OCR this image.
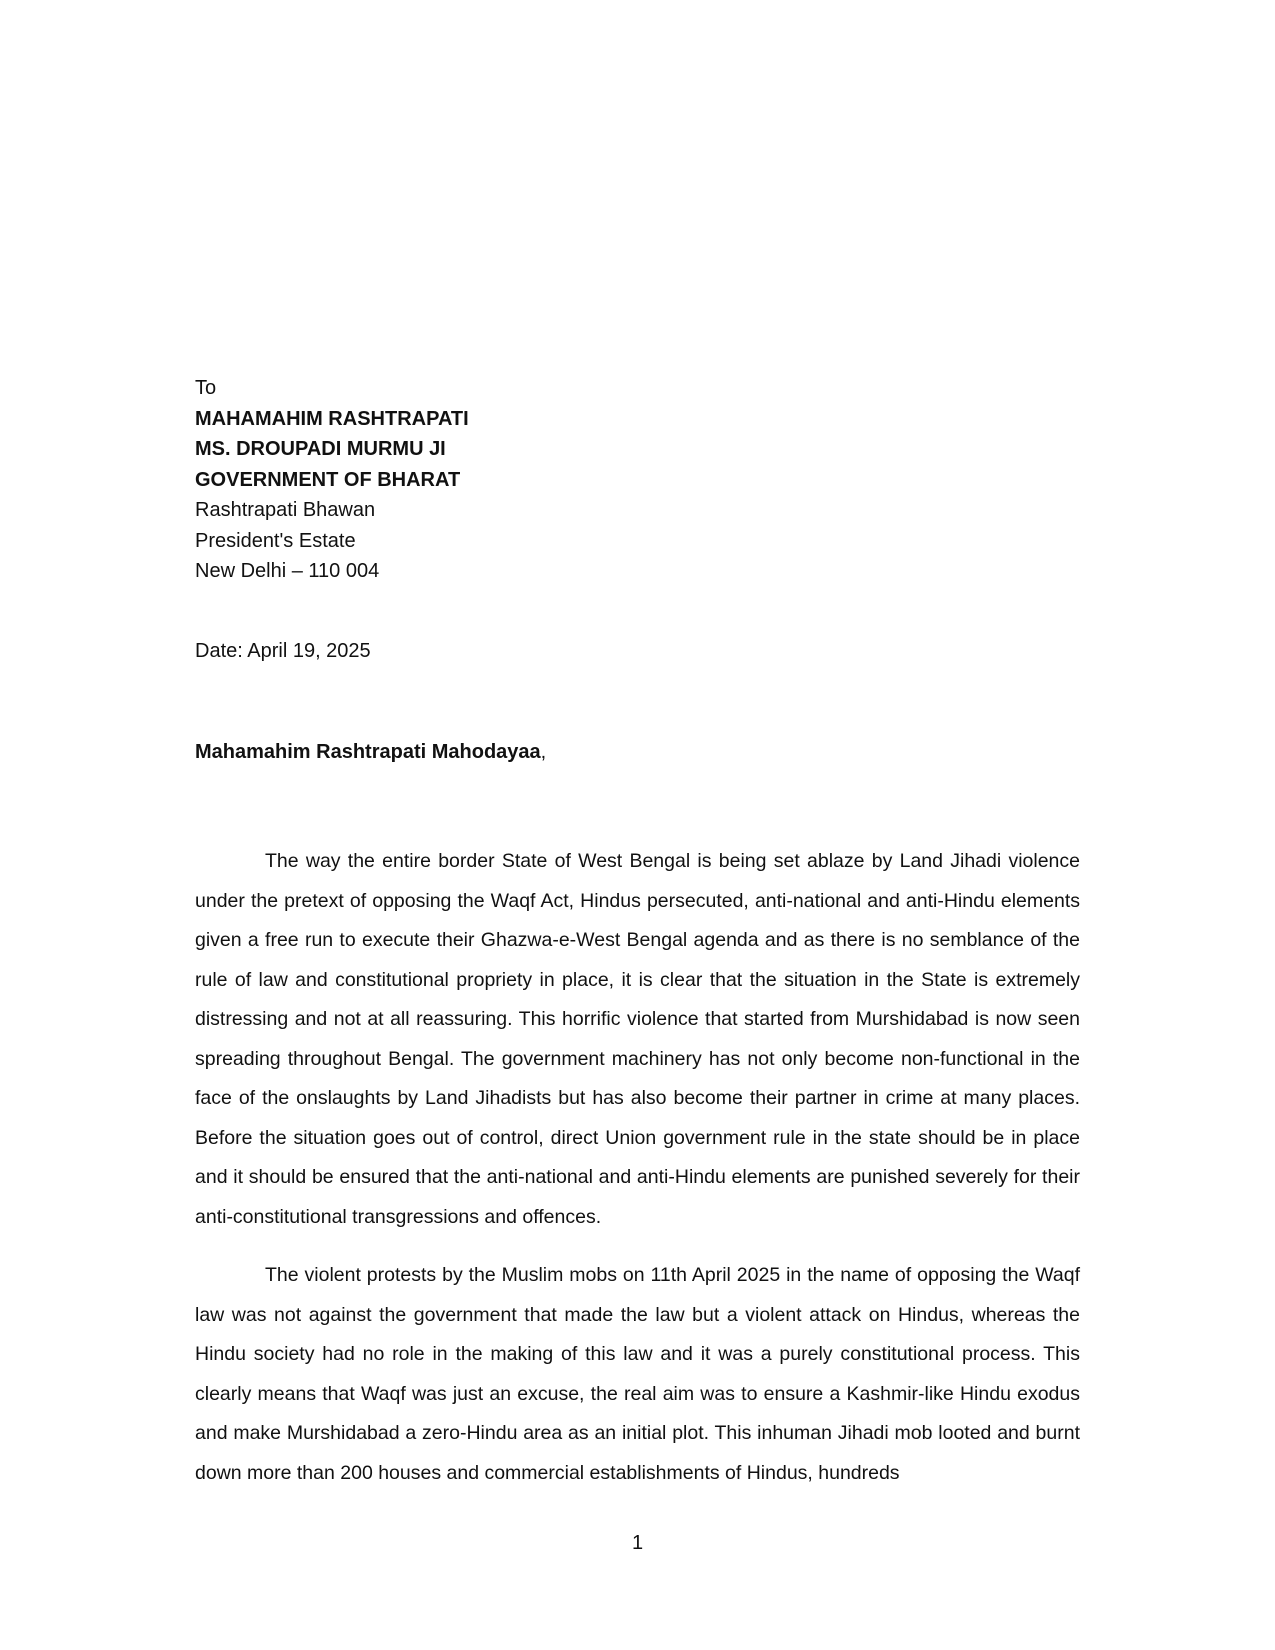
To
MAHAMAHIM RASHTRAPATI
MS. DROUPADI MURMU JI
GOVERNMENT OF BHARAT
Rashtrapati Bhawan
President's Estate
New Delhi – 110 004
Date: April 19, 2025
Mahamahim Rashtrapati Mahodayaa,

The way the entire border State of West Bengal is being set ablaze by Land Jihadi violence under the pretext of opposing the Waqf Act, Hindus persecuted, anti-national and anti-Hindu elements given a free run to execute their Ghazwa-e-West Bengal agenda and as there is no semblance of the rule of law and constitutional propriety in place, it is clear that the situation in the State is extremely distressing and not at all reassuring. This horrific violence that started from Murshidabad is now seen spreading throughout Bengal. The government machinery has not only become non-functional in the face of the onslaughts by Land Jihadists but has also become their partner in crime at many places. Before the situation goes out of control, direct Union government rule in the state should be in place and it should be ensured that the anti-national and anti-Hindu elements are punished severely for their anti-constitutional transgressions and offences.

The violent protests by the Muslim mobs on 11th April 2025 in the name of opposing the Waqf law was not against the government that made the law but a violent attack on Hindus, whereas the Hindu society had no role in the making of this law and it was a purely constitutional process. This clearly means that Waqf was just an excuse, the real aim was to ensure a Kashmir-like Hindu exodus and make Murshidabad a zero-Hindu area as an initial plot. This inhuman Jihadi mob looted and burnt down more than 200 houses and commercial establishments of Hindus, hundreds

1
